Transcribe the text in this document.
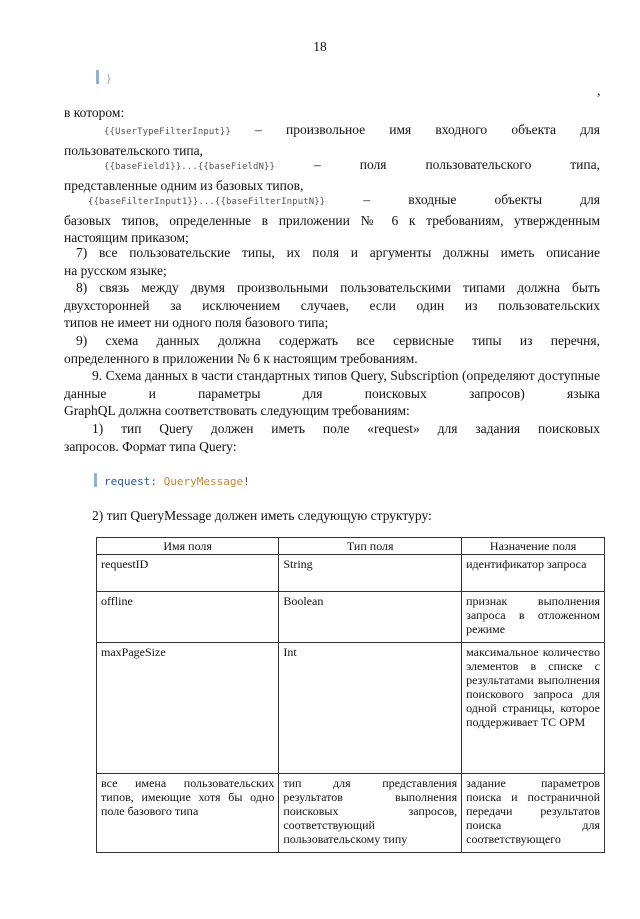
18
}
,
в котором:
{{UserTypeFilterInput}} – произвольное имя входного объекта для
пользовательского типа,
{{baseField1}}...{{baseFieldN}} – поля пользовательского типа,
представленные одним из базовых типов,
{{baseFilterInput1}}...{{baseFilterInputN}} – входные объекты для
базовых типов, определенные в приложении № 6 к требованиям, утвержденным
настоящим приказом;
7) все пользовательские типы, их поля и аргументы должны иметь описание
на русском языке;
8) связь между двумя произвольными пользовательскими типами должна быть двухсторонней за исключением случаев, если один из пользовательских
типов не имеет ни одного поля базового типа;
9) схема данных должна содержать все сервисные типы из перечня,
определенного в приложении № 6 к настоящим требованиям.
9. Схема данных в части стандартных типов Query, Subscription (определяют доступные данные и параметры для поисковых запросов) языка
GraphQL должна соответствовать следующим требованиям:
1) тип Query должен иметь поле «request» для задания поисковых
запросов. Формат типа Query:
request: QueryMessage!
2) тип QueryMessage должен иметь следующую структуру:
Имя поля	Тип поля	Назначение поля
requestID	String	идентификатор запроса
offline	Boolean	признак выполнения запроса в отложенном режиме
maxPageSize	Int	максимальное количество элементов в списке с результатами выполнения поискового запроса для одной страницы, которое поддерживает ТС ОРМ
все имена пользовательских типов, имеющие хотя бы одно поле базового типа	тип для представления результатов выполнения поисковых запросов, соответствующий пользовательскому типу	задание параметров поиска и постраничной передачи результатов поиска для соответствующего
